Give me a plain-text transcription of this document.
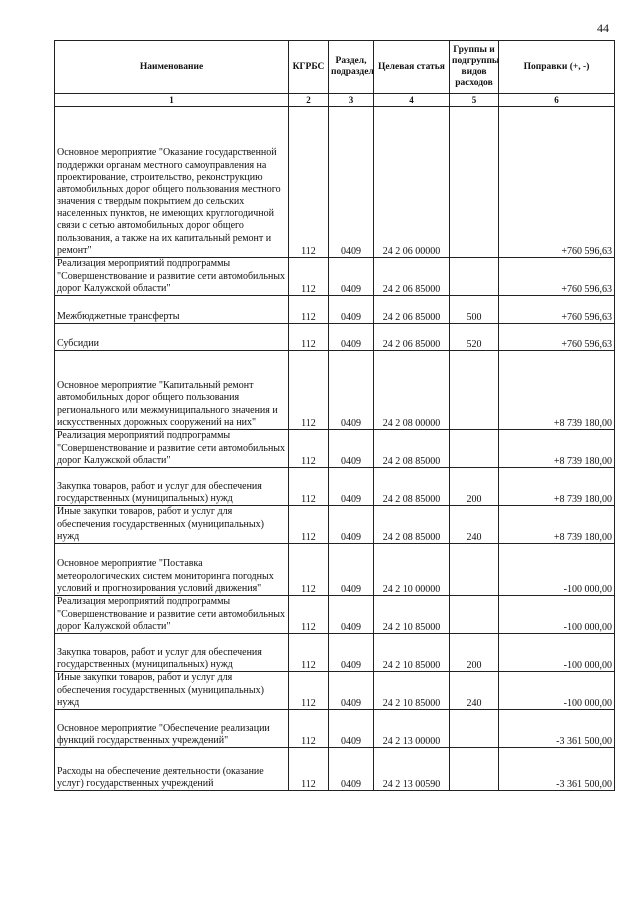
44
Наименование	КГРБС	Раздел, подраздел	Целевая статья	Группы и подгруппы видов расходов	Поправки (+, -)
1	2	3	4	5	6
Основное мероприятие "Оказание государственной поддержки органам местного самоуправления на проектирование, строительство, реконструкцию автомобильных дорог общего пользования местного значения с твердым покрытием до сельских населенных пунктов, не имеющих круглогодичной связи с сетью автомобильных дорог общего пользования, а также на их капитальный ремонт и ремонт"	112	0409	24 2 06 00000		+760 596,63
Реализация мероприятий подпрограммы "Совершенствование и развитие сети автомобильных дорог Калужской области"	112	0409	24 2 06 85000		+760 596,63
Межбюджетные трансферты	112	0409	24 2 06 85000	500	+760 596,63
Субсидии	112	0409	24 2 06 85000	520	+760 596,63
Основное мероприятие "Капитальный ремонт автомобильных дорог общего пользования регионального или межмуниципального значения и искусственных дорожных сооружений на них"	112	0409	24 2 08 00000		+8 739 180,00
Реализация мероприятий подпрограммы "Совершенствование и развитие сети автомобильных дорог Калужской области"	112	0409	24 2 08 85000		+8 739 180,00
Закупка товаров, работ и услуг для обеспечения государственных (муниципальных) нужд	112	0409	24 2 08 85000	200	+8 739 180,00
Иные закупки товаров, работ и услуг для обеспечения государственных (муниципальных) нужд	112	0409	24 2 08 85000	240	+8 739 180,00
Основное мероприятие "Поставка метеорологических систем мониторинга погодных условий и прогнозирования условий движения"	112	0409	24 2 10 00000		-100 000,00
Реализация мероприятий подпрограммы "Совершенствование и развитие сети автомобильных дорог Калужской области"	112	0409	24 2 10 85000		-100 000,00
Закупка товаров, работ и услуг для обеспечения государственных (муниципальных) нужд	112	0409	24 2 10 85000	200	-100 000,00
Иные закупки товаров, работ и услуг для обеспечения государственных (муниципальных) нужд	112	0409	24 2 10 85000	240	-100 000,00
Основное мероприятие "Обеспечение реализации функций государственных учреждений"	112	0409	24 2 13 00000		-3 361 500,00
Расходы на обеспечение деятельности (оказание услуг) государственных учреждений	112	0409	24 2 13 00590		-3 361 500,00
